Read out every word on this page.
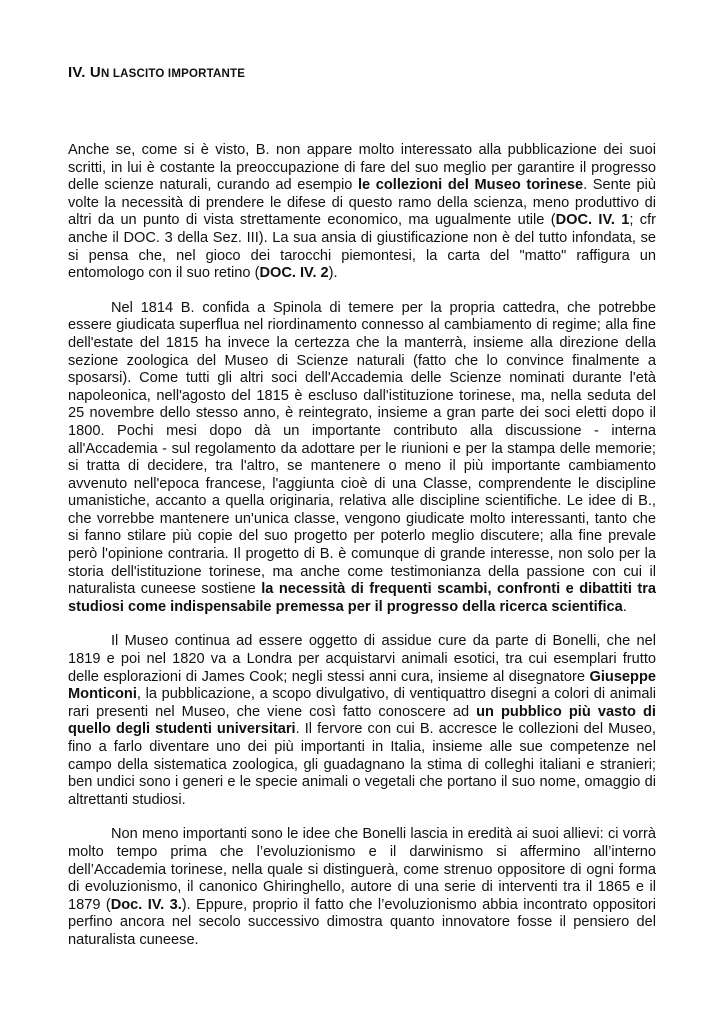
IV. UN LASCITO IMPORTANTE

Anche se, come si è visto, B. non appare molto interessato alla pubblicazione dei suoi scritti, in lui è costante la preoccupazione di fare del suo meglio per garantire il progresso delle scienze naturali, curando ad esempio le collezioni del Museo torinese. Sente più volte la necessità di prendere le difese di questo ramo della scienza, meno produttivo di altri da un punto di vista strettamente economico, ma ugualmente utile (DOC. IV. 1; cfr anche il DOC. 3 della Sez. III). La sua ansia di giustificazione non è del tutto infondata, se si pensa che, nel gioco dei tarocchi piemontesi, la carta del "matto" raffigura un entomologo con il suo retino (DOC. IV. 2).

Nel 1814 B. confida a Spinola di temere per la propria cattedra, che potrebbe essere giudicata superflua nel riordinamento connesso al cambiamento di regime; alla fine dell'estate del 1815 ha invece la certezza che la manterrà, insieme alla direzione della sezione zoologica del Museo di Scienze naturali (fatto che lo convince finalmente a sposarsi). Come tutti gli altri soci dell'Accademia delle Scienze nominati durante l'età napoleonica, nell'agosto del 1815 è escluso dall'istituzione torinese, ma, nella seduta del 25 novembre dello stesso anno, è reintegrato, insieme a gran parte dei soci eletti dopo il 1800. Pochi mesi dopo dà un importante contributo alla discussione - interna all'Accademia - sul regolamento da adottare per le riunioni e per la stampa delle memorie; si tratta di decidere, tra l'altro, se mantenere o meno il più importante cambiamento avvenuto nell'epoca francese, l'aggiunta cioè di una Classe, comprendente le discipline umanistiche, accanto a quella originaria, relativa alle discipline scientifiche. Le idee di B., che vorrebbe mantenere un'unica classe, vengono giudicate molto interessanti, tanto che si fanno stilare più copie del suo progetto per poterlo meglio discutere; alla fine prevale però l'opinione contraria. Il progetto di B. è comunque di grande interesse, non solo per la storia dell'istituzione torinese, ma anche come testimonianza della passione con cui il naturalista cuneese sostiene la necessità di frequenti scambi, confronti e dibattiti tra studiosi come indispensabile premessa per il progresso della ricerca scientifica.

Il Museo continua ad essere oggetto di assidue cure da parte di Bonelli, che nel 1819 e poi nel 1820 va a Londra per acquistarvi animali esotici, tra cui esemplari frutto delle esplorazioni di James Cook; negli stessi anni cura, insieme al disegnatore Giuseppe Monticoni, la pubblicazione, a scopo divulgativo, di ventiquattro disegni a colori di animali rari presenti nel Museo, che viene così fatto conoscere ad un pubblico più vasto di quello degli studenti universitari. Il fervore con cui B. accresce le collezioni del Museo, fino a farlo diventare uno dei più importanti in Italia, insieme alle sue competenze nel campo della sistematica zoologica, gli guadagnano la stima di colleghi italiani e stranieri; ben undici sono i generi e le specie animali o vegetali che portano il suo nome, omaggio di altrettanti studiosi.

Non meno importanti sono le idee che Bonelli lascia in eredità ai suoi allievi: ci vorrà molto tempo prima che l’evoluzionismo e il darwinismo si affermino all’interno dell’Accademia torinese, nella quale si distinguerà, come strenuo oppositore di ogni forma di evoluzionismo, il canonico Ghiringhello, autore di una serie di interventi tra il 1865 e il 1879 (Doc. IV. 3.). Eppure, proprio il fatto che l’evoluzionismo abbia incontrato oppositori perfino ancora nel secolo successivo dimostra quanto innovatore fosse il pensiero del naturalista cuneese.
